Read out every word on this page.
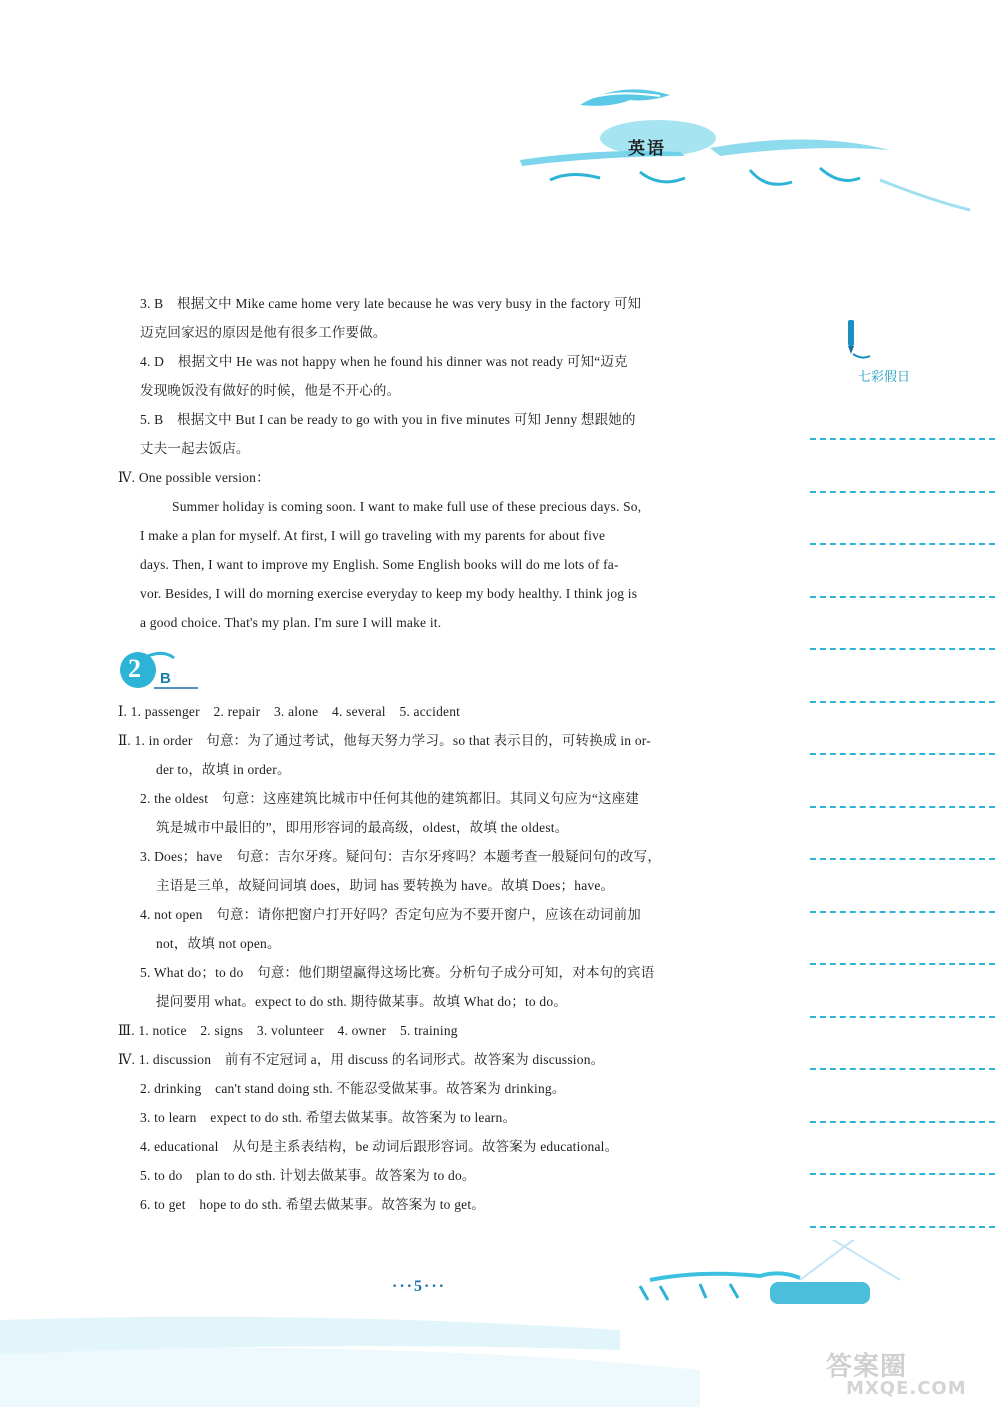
英语
七彩假日
3. B　根据文中 Mike came home very late because he was very busy in the factory 可知
迈克回家迟的原因是他有很多工作要做。
4. D　根据文中 He was not happy when he found his dinner was not ready 可知“迈克
发现晚饭没有做好的时候，他是不开心的。
5. B　根据文中 But I can be ready to go with you in five minutes 可知 Jenny 想跟她的
丈夫一起去饭店。
Ⅳ. One possible version：
Summer holiday is coming soon. I want to make full use of these precious days. So,
I make a plan for myself. At first, I will go traveling with my parents for about five
days. Then, I want to improve my English. Some English books will do me lots of fa-
vor. Besides, I will do morning exercise everyday to keep my body healthy. I think jog is
a good choice. That's my plan. I'm sure I will make it.
2 B
Ⅰ. 1. passenger　2. repair　3. alone　4. several　5. accident
Ⅱ. 1. in order　句意：为了通过考试，他每天努力学习。so that 表示目的，可转换成 in or-
der to，故填 in order。
2. the oldest　句意：这座建筑比城市中任何其他的建筑都旧。其同义句应为“这座建
筑是城市中最旧的”，即用形容词的最高级，oldest，故填 the oldest。
3. Does；have　句意：吉尔牙疼。疑问句：吉尔牙疼吗？本题考查一般疑问句的改写，
主语是三单，故疑问词填 does，助词 has 要转换为 have。故填 Does；have。
4. not open　句意：请你把窗户打开好吗？否定句应为不要开窗户，应该在动词前加
not，故填 not open。
5. What do；to do　句意：他们期望赢得这场比赛。分析句子成分可知，对本句的宾语
提问要用 what。expect to do sth. 期待做某事。故填 What do；to do。
Ⅲ. 1. notice　2. signs　3. volunteer　4. owner　5. training
Ⅳ. 1. discussion　前有不定冠词 a，用 discuss 的名词形式。故答案为 discussion。
2. drinking　can't stand doing sth. 不能忍受做某事。故答案为 drinking。
3. to learn　expect to do sth. 希望去做某事。故答案为 to learn。
4. educational　从句是主系表结构，be 动词后跟形容词。故答案为 educational。
5. to do　plan to do sth. 计划去做某事。故答案为 to do。
6. to get　hope to do sth. 希望去做某事。故答案为 to get。
···5···
答案圈
MXQE.COM
